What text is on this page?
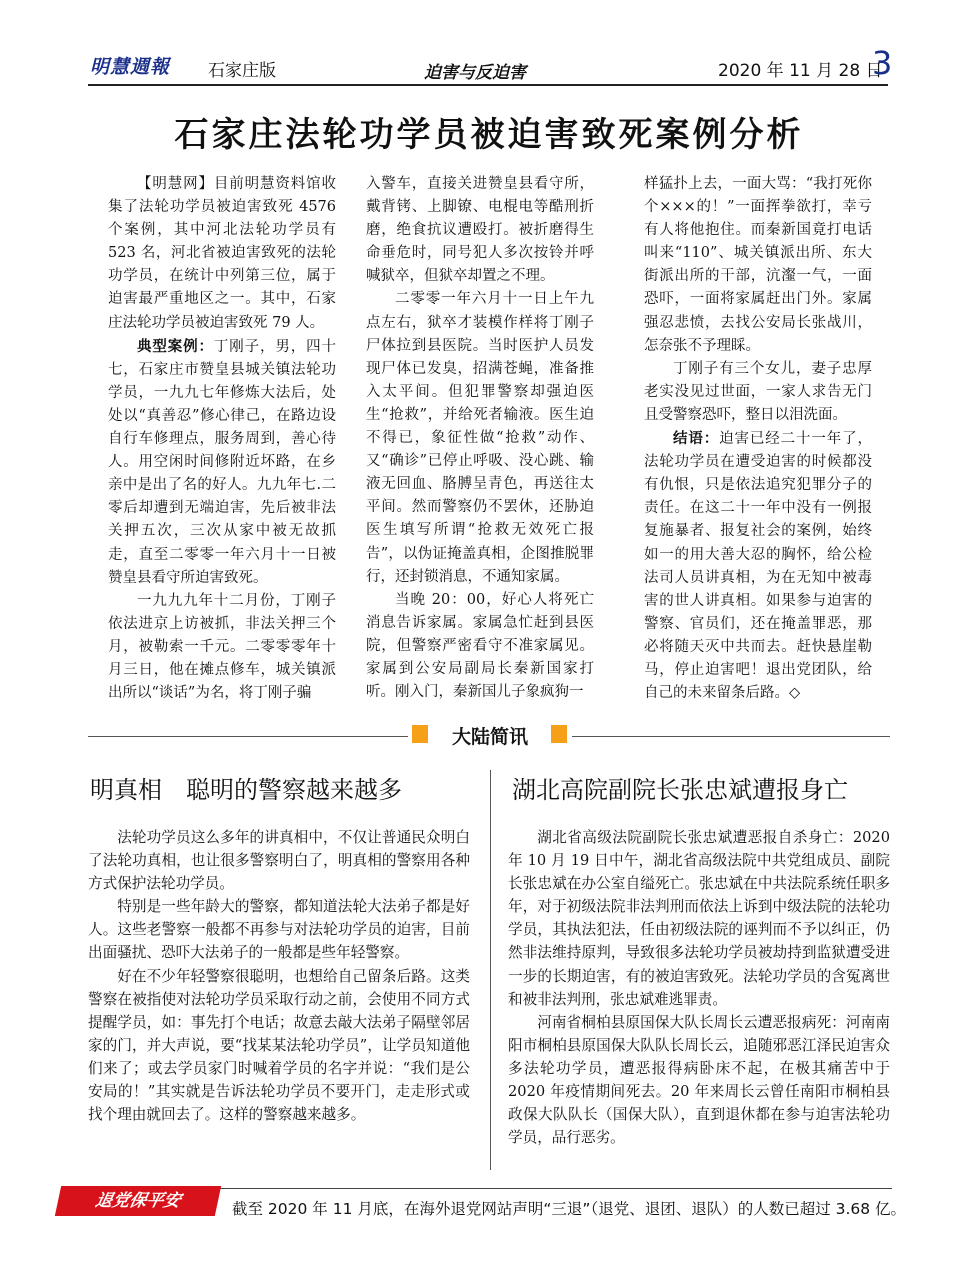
明慧週報 石家庄版	迫害与反迫害	2020 年 11 月 28 日
3
石家庄法轮功学员被迫害致死案例分析

【明慧网】目前明慧资料馆收集了法轮功学员被迫害致死 4576 个案例，其中河北法轮功学员有 523 名，河北省被迫害致死的法轮功学员，在统计中列第三位，属于迫害最严重地区之一。其中，石家庄法轮功学员被迫害致死 79 人。

典型案例：丁刚子，男，四十七，石家庄市赞皇县城关镇法轮功学员，一九九七年修炼大法后，处处以“真善忍”修心律己，在路边设自行车修理点，服务周到，善心待人。用空闲时间修附近坏路，在乡亲中是出了名的好人。九九年七.二零后却遭到无端迫害，先后被非法关押五次，三次从家中被无故抓走，直至二零零一年六月十一日被赞皇县看守所迫害致死。

一九九九年十二月份，丁刚子依法进京上访被抓，非法关押三个月，被勒索一千元。二零零零年十月三日，他在摊点修车，城关镇派出所以“谈话”为名，将丁刚子骗

入警车，直接关进赞皇县看守所，戴背铐、上脚镣、电棍电等酷刑折磨，绝食抗议遭殴打。被折磨得生命垂危时，同号犯人多次按铃并呼喊狱卒，但狱卒却置之不理。

二零零一年六月十一日上午九点左右，狱卒才装模作样将丁刚子尸体拉到县医院。当时医护人员发现尸体已发臭，招满苍蝇，准备推入太平间。但犯罪警察却强迫医生“抢救”，并给死者输液。医生迫不得已，象征性做“抢救”动作、又“确诊”已停止呼吸、没心跳、输液无回血、胳膊呈青色，再送往太平间。然而警察仍不罢休，还胁迫医生填写所谓“抢救无效死亡报告”，以伪证掩盖真相，企图推脱罪行，还封锁消息，不通知家属。

当晚 20：00，好心人将死亡消息告诉家属。家属急忙赶到县医院，但警察严密看守不准家属见。家属到公安局副局长秦新国家打听。刚入门，秦新国儿子象疯狗一

样猛扑上去，一面大骂：“我打死你个×××的！”一面挥拳欲打，幸亏有人将他抱住。而秦新国竟打电话叫来“110”、城关镇派出所、东大街派出所的干部，沆瀣一气，一面恐吓，一面将家属赶出门外。家属强忍悲愤，去找公安局长张战川，怎奈张不予理睬。

丁刚子有三个女儿，妻子忠厚老实没见过世面，一家人求告无门且受警察恐吓，整日以泪洗面。

结语：迫害已经二十一年了，法轮功学员在遭受迫害的时候都没有仇恨，只是依法追究犯罪分子的责任。在这二十一年中没有一例报复施暴者、报复社会的案例，始终如一的用大善大忍的胸怀，给公检法司人员讲真相，为在无知中被毒害的世人讲真相。如果参与迫害的警察、官员们，还在掩盖罪恶，那必将随天灭中共而去。赶快悬崖勒马，停止迫害吧！退出党团队，给自己的未来留条后路。◇

大陆简讯
明真相　聪明的警察越来越多	湖北高院副院长张忠斌遭报身亡

法轮功学员这么多年的讲真相中，不仅让普通民众明白了法轮功真相，也让很多警察明白了，明真相的警察用各种方式保护法轮功学员。

特别是一些年龄大的警察，都知道法轮大法弟子都是好人。这些老警察一般都不再参与对法轮功学员的迫害，目前出面骚扰、恐吓大法弟子的一般都是些年轻警察。

好在不少年轻警察很聪明，也想给自己留条后路。这类警察在被指使对法轮功学员采取行动之前，会使用不同方式提醒学员，如：事先打个电话；故意去敲大法弟子隔壁邻居家的门，并大声说，要“找某某法轮功学员”，让学员知道他们来了；或去学员家门时喊着学员的名字并说：“我们是公安局的！”其实就是告诉法轮功学员不要开门，走走形式或找个理由就回去了。这样的警察越来越多。

湖北省高级法院副院长张忠斌遭恶报自杀身亡：2020 年 10 月 19 日中午，湖北省高级法院中共党组成员、副院长张忠斌在办公室自缢死亡。张忠斌在中共法院系统任职多年，对于初级法院非法判刑而依法上诉到中级法院的法轮功学员，其执法犯法，任由初级法院的诬判而不予以纠正，仍然非法维持原判，导致很多法轮功学员被劫持到监狱遭受进一步的长期迫害，有的被迫害致死。法轮功学员的含冤离世和被非法判刑，张忠斌难逃罪责。

河南省桐柏县原国保大队长周长云遭恶报病死：河南南阳市桐柏县原国保大队队长周长云，追随邪恶江泽民迫害众多法轮功学员，遭恶报得病卧床不起，在极其痛苦中于 2020 年疫情期间死去。20 年来周长云曾任南阳市桐柏县政保大队队长（国保大队），直到退休都在参与迫害法轮功学员，品行恶劣。

退党保平安	截至 2020 年 11 月底，在海外退党网站声明“三退”（退党、退团、退队）的人数已超过 3.68 亿。
